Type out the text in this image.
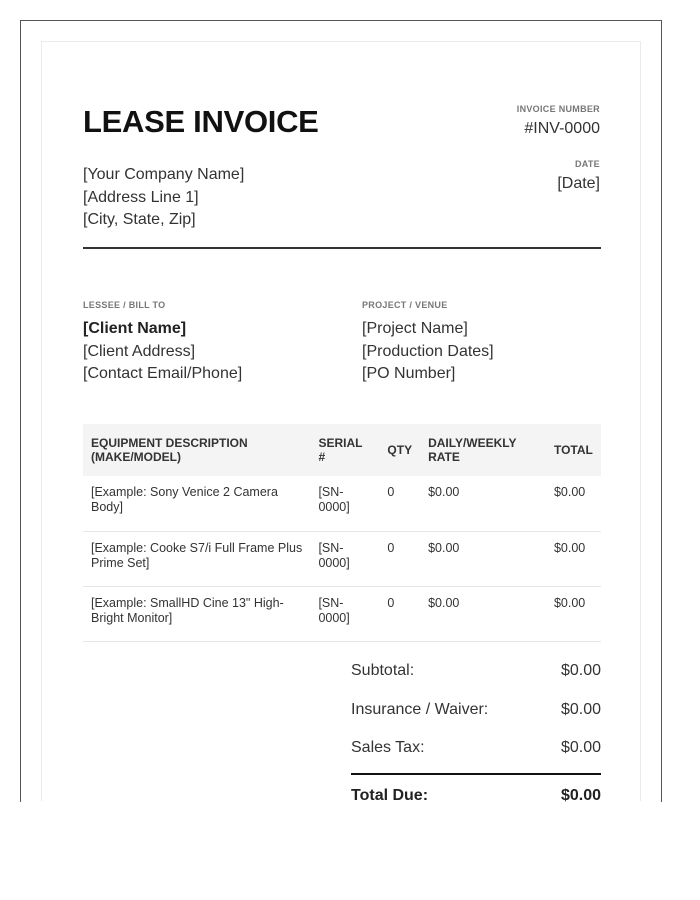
LEASE INVOICE
[Your Company Name]
[Address Line 1]
[City, State, Zip]
INVOICE NUMBER
#INV-0000
DATE
[Date]
LESSEE / BILL TO
[Client Name]
[Client Address]
[Contact Email/Phone]
PROJECT / VENUE
[Project Name]
[Production Dates]
[PO Number]
EQUIPMENT DESCRIPTION (MAKE/MODEL)	SERIAL #	QTY	DAILY/WEEKLY RATE	TOTAL
[Example: Sony Venice 2 Camera Body]	[SN-0000]	0	$0.00	$0.00
[Example: Cooke S7/i Full Frame Plus Prime Set]	[SN-0000]	0	$0.00	$0.00
[Example: SmallHD Cine 13" High-Bright Monitor]	[SN-0000]	0	$0.00	$0.00
Subtotal:	$0.00
Insurance / Waiver:	$0.00
Sales Tax:	$0.00
Total Due:	$0.00
